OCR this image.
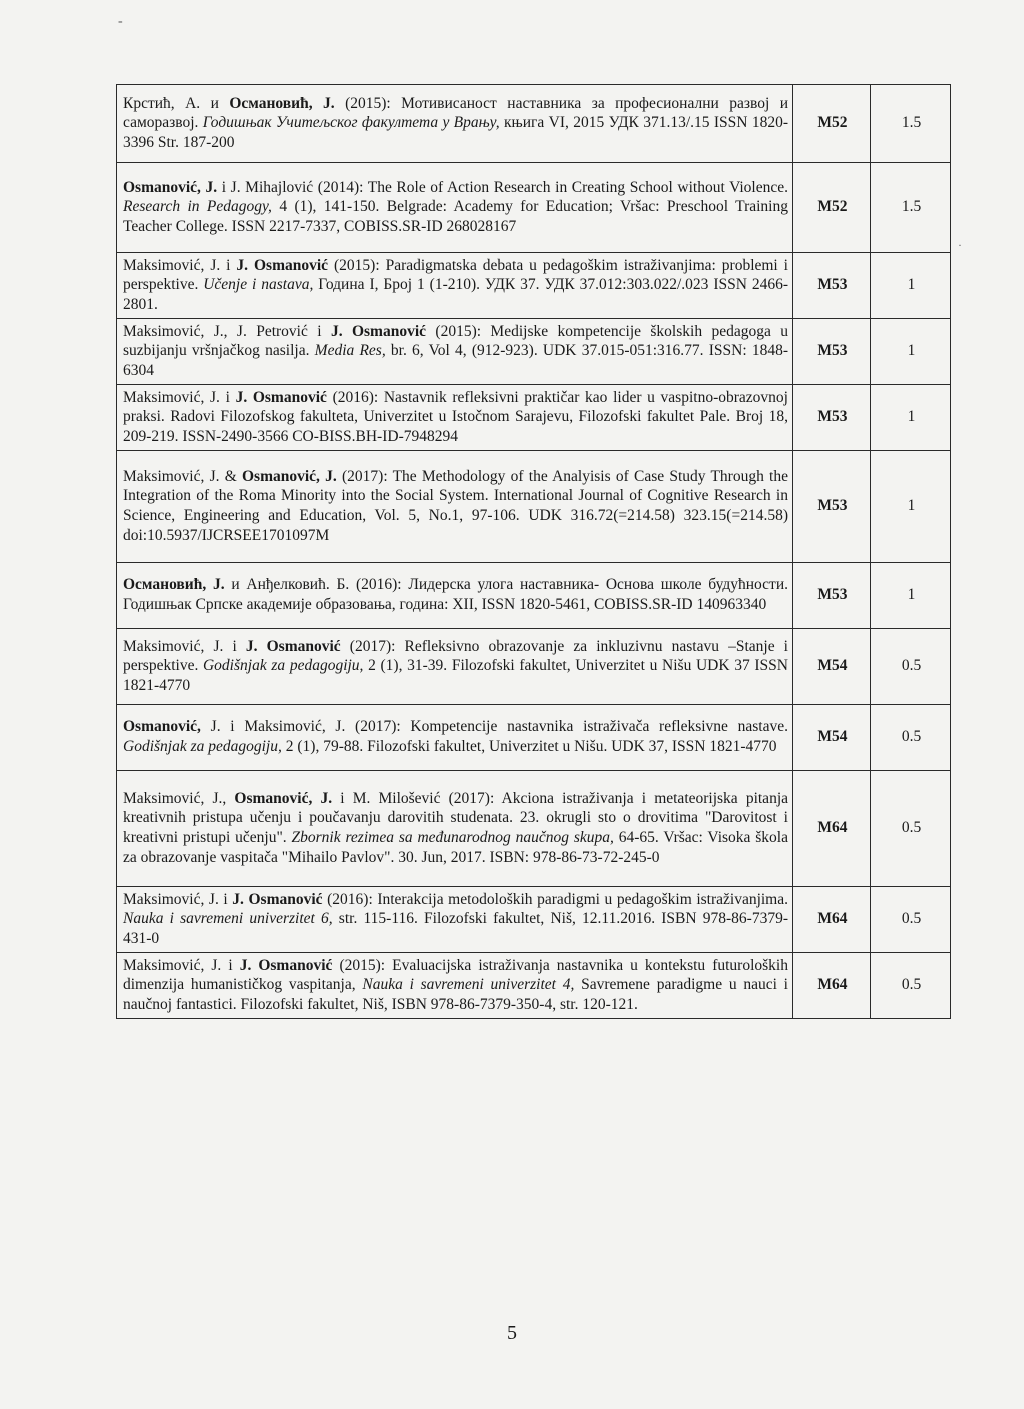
-
·
Крстић, А. и Османовић, J. (2015): Мотивисаност наставника за професионални развој и саморазвој. Годишњак Учитељског факултета у Врању, књига VI, 2015 УДК 371.13/.15 ISSN 1820-3396 Str. 187-200	M52	1.5
Osmanović, J. i J. Mihajlović (2014): The Role of Action Research in Creating School without Violence. Research in Pedagogy, 4 (1), 141-150. Belgrade: Academy for Education; Vršac: Preschool Training Teacher College. ISSN 2217-7337, COBISS.SR-ID 268028167	M52	1.5
Maksimović, J. i J. Osmanović (2015): Paradigmatska debata u pedagoškim istraživanjima: problemi i perspektive. Učenje i nastava, Година I, Број 1 (1-210). УДК 37. УДК 37.012:303.022/.023 ISSN 2466-2801.	M53	1
Maksimović, J., J. Petrović i J. Osmanović (2015): Medijske kompetencije školskih pedagoga u suzbijanju vršnjačkog nasilja. Media Res, br. 6, Vol 4, (912-923). UDK 37.015-051:316.77. ISSN: 1848-6304	M53	1
Maksimović, J. i J. Osmanović (2016): Nastavnik refleksivni praktičar kao lider u vaspitno-obrazovnoj praksi. Radovi Filozofskog fakulteta, Univerzitet u Istočnom Sarajevu, Filozofski fakultet Pale. Broj 18, 209-219. ISSN-2490-3566 CO-BISS.BH-ID-7948294	M53	1
Maksimović, J. & Osmanović, J. (2017): The Methodology of the Analyisis of Case Study Through the Integration of the Roma Minority into the Social System. International Journal of Cognitive Research in Science, Engineering and Education, Vol. 5, No.1, 97-106. UDK 316.72(=214.58) 323.15(=214.58) doi:10.5937/IJCRSEE1701097M	M53	1
Османовић, J. и Анђелковић. Б. (2016): Лидерска улога наставника- Основа школе будућности. Годишњак Српске академије образовања, година: XII, ISSN 1820-5461, COBISS.SR-ID 140963340	M53	1
Maksimović, J. i J. Osmanović (2017): Refleksivno obrazovanje za inkluzivnu nastavu –Stanje i perspektive. Godišnjak za pedagogiju, 2 (1), 31-39. Filozofski fakultet, Univerzitet u Nišu UDK 37 ISSN 1821-4770	M54	0.5
Osmanović, J. i Maksimović, J. (2017): Kompetencije nastavnika istraživača refleksivne nastave. Godišnjak za pedagogiju, 2 (1), 79-88. Filozofski fakultet, Univerzitet u Nišu. UDK 37, ISSN 1821-4770	M54	0.5
Maksimović, J., Osmanović, J. i M. Milošević (2017): Akciona istraživanja i metateorijska pitanja kreativnih pristupa učenju i poučavanju darovitih studenata. 23. okrugli sto o drovitima "Darovitost i kreativni pristupi učenju". Zbornik rezimea sa međunarodnog naučnog skupa, 64-65. Vršac: Visoka škola za obrazovanje vaspitača "Mihailo Pavlov". 30. Jun, 2017. ISBN: 978-86-73-72-245-0	M64	0.5
Maksimović, J. i J. Osmanović (2016): Interakcija metodoloških paradigmi u pedagoškim istraživanjima. Nauka i savremeni univerzitet 6, str. 115-116. Filozofski fakultet, Niš, 12.11.2016. ISBN 978-86-7379-431-0	M64	0.5
Maksimović, J. i J. Osmanović (2015): Evaluacijska istraživanja nastavnika u kontekstu futuroloških dimenzija humanističkog vaspitanja, Nauka i savremeni univerzitet 4, Savremene paradigme u nauci i naučnoj fantastici. Filozofski fakultet, Niš, ISBN 978-86-7379-350-4, str. 120-121.	M64	0.5
5
